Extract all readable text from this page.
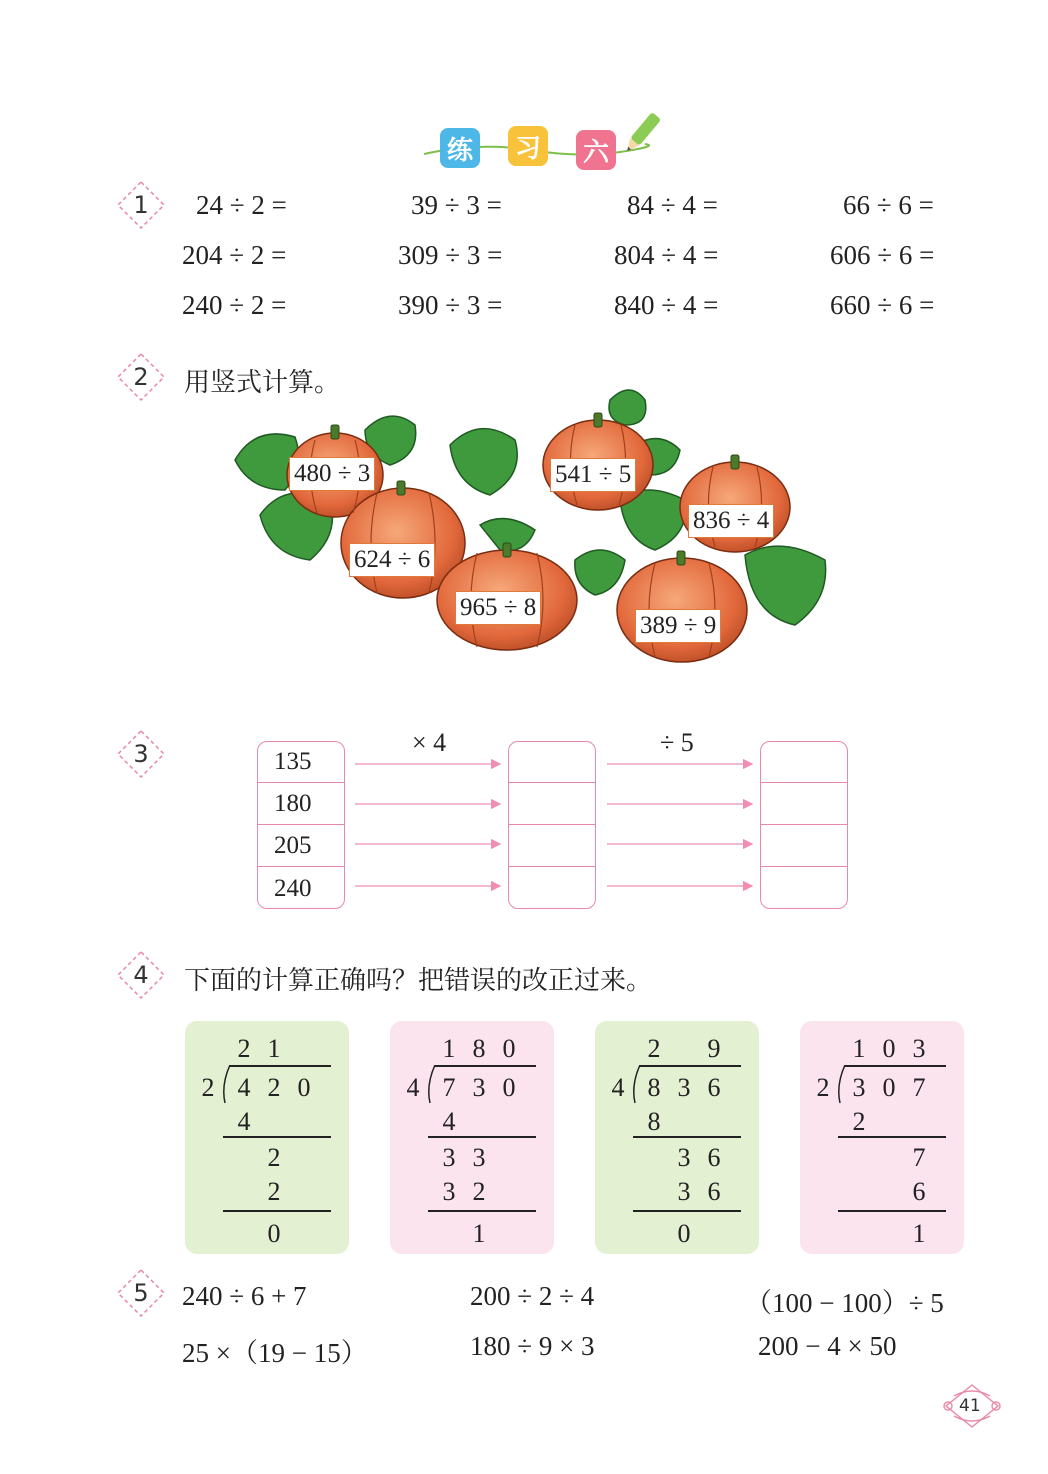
练 习 六
1
2
3
4
5
24 ÷ 2 =	39 ÷ 3 =	84 ÷ 4 =	66 ÷ 6 =
204 ÷ 2 =	309 ÷ 3 =	804 ÷ 4 =	606 ÷ 6 =
240 ÷ 2 =	390 ÷ 3 =	840 ÷ 4 =	660 ÷ 6 =
用竖式计算。
480 ÷ 3	541 ÷ 5
836 ÷ 4
624 ÷ 6
965 ÷ 8
389 ÷ 9
× 4	÷ 5
135
180
205
240
下面的计算正确吗？把错误的改正过来。
2 1
2 4 2 0
4
2
2
0
1 8 0
4 7 3 0
4
3 3
3 2
1
2 9
4 8 3 6
8
3 6
3 6
0
1 0 3
2 3 0 7
2
7
6
1
240 ÷ 6 + 7	200 ÷ 2 ÷ 4	（100 − 100）÷ 5
25 ×（19 − 15）	180 ÷ 9 × 3	200 − 4 × 50
41
